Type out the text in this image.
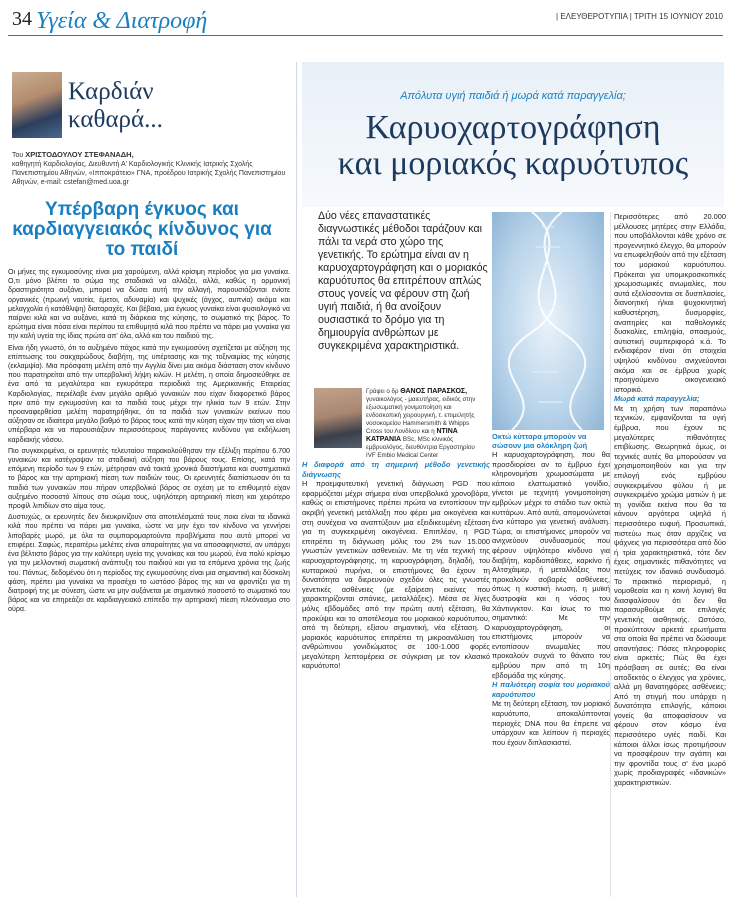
34 Υγεία & Διατροφή	| ΕΛΕΥΘΕΡΟΤΥΠΙΑ | ΤΡΙΤΗ 15 ΙΟΥΝΙΟΥ 2010
Καρδιάν καθαρά...
Του ΧΡΙΣΤΟΔΟΥΛΟΥ ΣΤΕΦΑΝΑΔΗ,
καθηγητή Καρδιολογίας, Διευθυντή Α' Καρδιολογικής Κλινικής Ιατρικής Σχολής Πανεπιστημίου Αθηνών, «Ιπποκράτειο» ΓΝΑ, προέδρου Ιατρικής Σχολής Πανεπιστημίου Αθηνών, e-mail: cstefan@med.uoa.gr
Υπέρβαρη έγκυος και καρδιαγγειακός κίνδυνος για το παιδί

Οι μήνες της εγκυμοσύνης είναι μια χαρούμενη, αλλά κρίσιμη περίοδος για μια γυναίκα. Ο,τι μόνο βλέπει το σώμα της σταδιακά να αλλάζει, αλλά, καθώς η ορμονική δραστηριότητα αυξάνει, μπορεί να δώσει αυτή την αλλαγή, παρουσιάζονται ενίοτε οργανικές (πρωινή ναυτία, έμετοι, αδυναμία) και ψυχικές (άγχος, αυπνία) ακόμα και μελαγχολία ή κατάθλιψη) διαταραχές. Και βέβαια, μια έγκυος γυναίκα είναι φυσιολογικό να παίρνει κιλά και να αυξάνει, κατά τη διάρκεια της κύησης, το σωματικό της βάρος. Το ερώτημα είναι πόσα είναι περίπου τα επιθυμητά κιλά που πρέπει να πάρει μια γυναίκα για την καλή υγεία της ίδιας πρώτα απ' όλα, αλλά και του παιδιού της.

Είναι ήδη γνωστό, ότι το αυξημένο πάχος κατά την εγκυμοσύνη σχετίζεται με αύξηση της επίπτωσης του σακχαρώδους διαβήτη, της υπέρτασης και της τοξιναιμίας της κύησης (εκλαμψία). Μια πρόσφατη μελέτη από την Αγγλία δίνει μια ακόμα διάσταση στον κίνδυνο που παρατηρείται από την υπερβολική λήψη κιλών. Η μελέτη, η οποία δημοσιεύθηκε σε ένα από τα μεγαλύτερα και εγκυρότερα περιοδικά της Αμερικανικής Εταιρείας Καρδιολογίας, περιέλαβε έναν μεγάλο αριθμό γυναικών που είχαν διαφορετικό βάρος πριν από την εγκυμοσύνη και τα παιδιά τους μέχρι την ηλικία των 9 ετών. Στην προαναφερθείσα μελέτη παρατηρήθηκε, ότι τα παιδιά των γυναικών εκείνων που αύξησαν σε ιδιαίτερα μεγάλο βαθμό το βάρος τους κατά την κύηση είχαν την τάση να είναι υπέρβαρα και να παρουσιάζουν περισσότερους παράγοντες κινδύνου για εκδήλωση καρδιακής νόσου.

Πιο συγκεκριμένα, οι ερευνητές τελευταίου παρακολούθησαν την εξέλιξη περίπου 6.700 γυναικών και κατέγραψαν τα σταδιακή αύξηση του βάρους τους. Επίσης, κατά την επόμενη περίοδο των 9 ετών, μέτρησαν ανά τακτά χρονικά διαστήματα και συστηματικά το βάρος και την αρτηριακή πίεση των παιδιών τους. Οι ερευνητές διαπίστωσαν ότι τα παιδιά των γυναικών που πήραν υπερβολικό βάρος σε σχέση με το επιθυμητό είχαν αυξημένο ποσοστό λίπους στο σώμα τους, υψηλότερη αρτηριακή πίεση και χειρότερο προφίλ λιπιδίων στο αίμα τους.

Δυστυχώς, οι ερευνητές δεν διευκρινίζουν στα αποτελέσματά τους ποια είναι τα ιδανικά κιλά που πρέπει να πάρει μια γυναίκα, ώστε να μην έχει τον κίνδυνο να γεννήσει λιποβαρές μωρό, με όλα τα συμπαρομαρτούντα προβλήματα που αυτό μπορεί να επιφέρει. Σαφώς, περαιτέρω μελέτες είναι απαραίτητες για να αποσαφηνιστεί, αν υπάρχει ένα βέλτιστο βάρος για την καλύτερη υγεία της γυναίκας και του μωρού, ένα πολύ κρίσιμο για την μελλοντική σωματική ανάπτυξη του παιδιού και για τα επόμενα χρόνια της ζωής του. Πάντως, δεδομένου ότι η περίοδος της εγκυμοσύνης είναι μια σημαντική και δύσκολη φάση, πρέπει μια γυναίκα να προσέχει το ωστόσο βάρος της και να φροντίζει για τη διατροφή της με σύνεση, ώστε να μην αυξάνεται με σημαντικό ποσοστό το σωματικό του βάρος και να επηρεάζει σε καρδιαγγειακό επίπεδο την αρτηριακή πίεση πλεόνασμα στο ούρα.

Απόλυτα υγιή παιδιά ή μωρά κατά παραγγελία;
Καρυοχαρτογράφηση
και μοριακός καρυότυπος
Δύο νέες επαναστατικές διαγνωστικές μέθοδοι ταράζουν και πάλι τα νερά στο χώρο της γενετικής. Το ερώτημα είναι αν η καρυοχαρτογράφηση και ο μοριακός καρυότυπος θα επιτρέπουν απλώς στους γονείς να φέρουν στη ζωή υγιή παιδιά, ή θα ανοίξουν ουσιαστικά το δρόμο για τη δημιουργία ανθρώπων με συγκεκριμένα χαρακτηριστικά.
Οκτώ κύτταρα μπορούν να σώσουν μια ολόκληρη ζωή
Γράφει ο δρ ΘΑΝΟΣ ΠΑΡΑΣΚΟΣ, γυναικολόγος - μαιευτήρας, ειδικός στην εξωσωματική γονιμοποίηση και ενδοσκοπική χειρουργική, τ. επιμελητής νοσοκομείου Hammersmith & Whipps Cross του Λονδίνου και η ΝΤΙΝΑ ΚΑΤΡΑΝΙΑ BSc, MSc κλινικός εμβρυολόγος, διευθύντρια Εργαστηρίου IVF Embio Medical Center
Η διαφορά από τη σημερινή μέθοδο γενετικής διάγνωσης
Η προεμφυτευτική γενετική διάγνωση PGD που εφαρμόζεται μέχρι σήμερα είναι υπερβολικά χρονοβόρα, καθώς οι επιστήμονες πρέπει πρώτα να εντοπίσουν την ακριβή γενετική μετάλλαξη που φέρει μια οικογένεια και στη συνέχεια να αναπτύξουν μια εξειδικευμένη εξέταση για τη συγκεκριμένη οικογένεια. Επιπλέον, η PGD επιτρέπει τη διάγνωση μόλις του 2% των 15.000 γνωστών γενετικών ασθενειών. Με τη νέα τεχνική της καρυοχαρτογράφησης, τη καρυογράφηση, δηλαδή, του κυτταρικού πυρήνα, οι επιστήμονες θα έχουν τη δυνατότητα να διερευνούν σχεδόν όλες τις γνωστές γενετικές ασθένειες (με εξαίρεση εκείνες που χαρακτηρίζονται σπάνιες, μεταλλάξεις). Μέσα σε λίγες μόλις εβδομάδες από την πρώτη αυτή εξέταση, θα προκύψει και το αποτέλεσμα του μοριακού καρυότυπου, από τη δεύτερη, εξίσου σημαντική, νέα εξέταση. Ο μοριακός καρυότυπος επιτρέπει τη μικροανάλυση του ανθρώπινου γονιδιώματος σε 100-1.000 φορές μεγαλύτερη λεπτομέρεια σε σύγκριση με τον κλασικό καρυότυπο!
Η καρυοχαρτογράφηση, που θα προσδιορίσει αν το έμβρυο έχει κληρονομήσει χρωμοσώματα με κάποιο ελαττωματικό γονίδιο, γίνεται με τεχνητή γονιμοποίηση εμβρύων μέχρι το στάδιο των οκτώ κυττάρων. Από αυτά, απομονώνεται ένα κύτταρο για γενετική ανάλυση. Τώρα, οι επιστήμονες μπορούν να ανιχνεύουν συνδυασμούς που φέρουν υψηλότερο κίνδυνο για διαβήτη, καρδιοπάθειες, καρκίνο ή Αλτσχάιμερ, ή μεταλλάξεις που προκαλούν σοβαρές ασθένειες, όπως η κυστική ίνωση, η μυϊκή δυστροφία και η νόσος του Χάντινγκτον. Και ίσως το πιο σημαντικό: Με την καρυοχαρτογράφηση, οι επιστήμονες μπορούν να εντοπίσουν ανωμαλίες που προκαλούν συχνά το θάνατο του εμβρύου πριν από τη 10η εβδομάδα της κύησης.
Η παλιότερη σοφία του μοριακού καρυότυπου
Με τη δεύτερη εξέταση, τον μοριακό καρυότυπο, αποκαλύπτονται περιοχές DNA που θα έπρεπε να υπάρχουν και λείπουν ή περιοχές που έχουν διπλασιαστεί.
Περισσότερες από 20.000 μέλλουσες μητέρες στην Ελλάδα, που υποβάλλονται κάθε χρόνο σε προγεννητικό έλεγχο, θα μπορούν να επωφεληθούν από την εξέταση του μοριακού καρυότυπου. Πρόκειται για υπομικροσκοπικές χρωμοσωμικές ανωμαλίες, που αυτά εξελίσσονται σε δυσπλασίες, διανοητική ή/και ψυχοκινητική καθυστέρηση, δυσμορφίες, αναπηρίες και παθολογικές δυσκολίες, επιληψία, σπασμούς, αυτιστική συμπεριφορά κ.ά. Το ενδιαφέρον είναι ότι στοιχεία υψηλού κινδύνου ανιχνεύονται ακόμα και σε έμβρυα χωρίς προηγούμενο οικογενειακό ιστορικό.
Μωρά κατά παραγγελία;
Με τη χρήση των παραπάνω τεχνικών, εμφανίζονται τα υγιή έμβρυα, που έχουν τις μεγαλύτερες πιθανότητες επιβίωσης. Θεωρητικά όμως, οι τεχνικές αυτές θα μπορούσαν να χρησιμοποιηθούν και για την επιλογή ενός εμβρύου συγκεκριμένου φύλου ή με συγκεκριμένο χρώμα ματιών ή με τη γονίδια εκείνα που θα τα κάνουν αργότερα υψηλά ή περισσότερο ευφυή. Προσωπικά, πιστεύω πως όταν αρχίζεις να ψάχνεις για περισσότερα από δύο ή τρία χαρακτηριστικά, τότε δεν έχεις σημαντικές πιθανότητες να πετύχεις τον ιδανικό συνδυασμό. Το πρακτικό περιορισμό, η νομοθεσία και η κοινή λογική θα διασφαλίσουν ότι δεν θα παρασυρθούμε σε επιλογές γενετικής αισθητικής. Ωστόσο, προκύπτουν αρκετά ερωτήματα στα οποία θα πρέπει να δώσουμε απαντήσεις: Πόσες πληροφορίες είναι αρκετές; Πώς θα έχει πρόσβαση σε αυτές; Θα είναι αποδεκτός ο έλεγχος για χρόνιες, αλλά μη θανατηφόρες ασθένειες; Από τη στιγμή που υπάρχει η δυνατότητα επιλογής, κάποιοι γονείς θα αποφασίσουν να φέρουν στον κόσμο ένα περισσότερο υγιές παιδί. Και κάποιοι άλλοι ίσως προτιμήσουν να προσφέρουν την αγάπη και την φροντίδα τους σ' ένα μωρό χωρίς προδιαγραφές «ιδανικών» χαρακτηριστικών.
